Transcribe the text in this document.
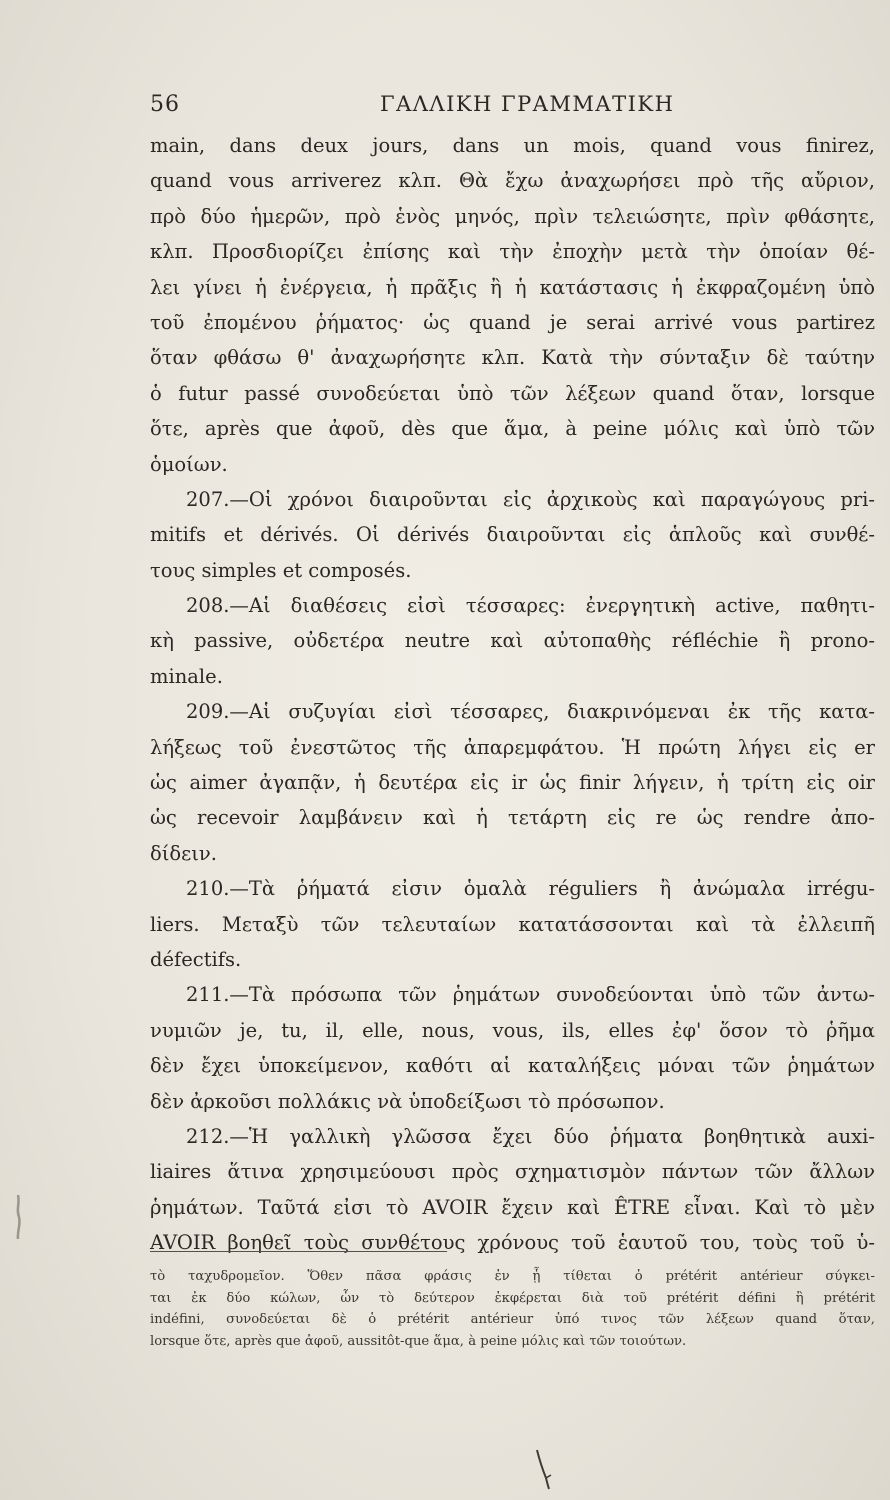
56	ΓΑΛΛΙΚΗ ΓΡΑΜΜΑΤΙΚΗ
main, dans deux jours, dans un mois, quand vous finirez,
quand vous arriverez κλπ. Θὰ ἔχω ἀναχωρήσει πρὸ τῆς αὔριον,
πρὸ δύο ἡμερῶν, πρὸ ἑνὸς μηνός, πρὶν τελειώσητε, πρὶν φθάσητε,
κλπ. Προσδιορίζει ἐπίσης καὶ τὴν ἐποχὴν μετὰ τὴν ὁποίαν θέ-
λει γίνει ἡ ἐνέργεια, ἡ πρᾶξις ἢ ἡ κατάστασις ἡ ἐκφραζομένη ὑπὸ
τοῦ ἐπομένου ῥήματος· ὡς quand je serai arrivé vous partirez
ὅταν φθάσω θ' ἀναχωρήσητε κλπ. Κατὰ τὴν σύνταξιν δὲ ταύτην
ὁ futur passé συνοδεύεται ὑπὸ τῶν λέξεων quand ὅταν, lorsque
ὅτε, après que ἀφοῦ, dès que ἅμα, à peine μόλις καὶ ὑπὸ τῶν
ὁμοίων.
207.—Οἱ χρόνοι διαιροῦνται εἰς ἀρχικοὺς καὶ παραγώγους pri-
mitifs et dérivés. Οἱ dérivés διαιροῦνται εἰς ἁπλοῦς καὶ συνθέ-
τους simples et composés.
208.—Αἱ διαθέσεις εἰσὶ τέσσαρες: ἐνεργητικὴ active, παθητι-
κὴ passive, οὐδετέρα neutre καὶ αὐτοπαθὴς réfléchie ἢ prono-
minale.
209.—Αἱ συζυγίαι εἰσὶ τέσσαρες, διακρινόμεναι ἐκ τῆς κατα-
λήξεως τοῦ ἐνεστῶτος τῆς ἀπαρεμφάτου. Ἡ πρώτη λήγει εἰς er
ὡς aimer ἀγαπᾷν, ἡ δευτέρα εἰς ir ὡς finir λήγειν, ἡ τρίτη εἰς oir
ὡς recevoir λαμβάνειν καὶ ἡ τετάρτη εἰς re ὡς rendre ἀπο-
δίδειν.
210.—Τὰ ῥήματά εἰσιν ὁμαλὰ réguliers ἢ ἀνώμαλα irrégu-
liers. Μεταξὺ τῶν τελευταίων κατατάσσονται καὶ τὰ ἐλλειπῆ
défectifs.
211.—Τὰ πρόσωπα τῶν ῥημάτων συνοδεύονται ὑπὸ τῶν ἀντω-
νυμιῶν je, tu, il, elle, nous, vous, ils, elles ἐφ' ὅσον τὸ ῥῆμα
δὲν ἔχει ὑποκείμενον, καθότι αἱ καταλήξεις μόναι τῶν ῥημάτων
δὲν ἀρκοῦσι πολλάκις νὰ ὑποδείξωσι τὸ πρόσωπον.
212.—Ἡ γαλλικὴ γλῶσσα ἔχει δύο ῥήματα βοηθητικὰ auxi-
liaires ἅτινα χρησιμεύουσι πρὸς σχηματισμὸν πάντων τῶν ἄλλων
ῥημάτων. Ταῦτά εἰσι τὸ AVOIR ἔχειν καὶ ÊTRE εἶναι. Καὶ τὸ μὲν
AVOIR βοηθεῖ τοὺς συνθέτους χρόνους τοῦ ἑαυτοῦ του, τοὺς τοῦ ὑ-
τὸ ταχυδρομεῖον. Ὅθεν πᾶσα φράσις ἐν ᾗ τίθεται ὁ prétérit antérieur σύγκει-
ται ἐκ δύο κώλων, ὧν τὸ δεύτερον ἐκφέρεται διὰ τοῦ prétérit défini ἢ prétérit
indéfini, συνοδεύεται δὲ ὁ prétérit antérieur ὑπό τινος τῶν λέξεων quand ὅταν,
lorsque ὅτε, après que ἀφοῦ, aussitôt-que ἅμα, à peine μόλις καὶ τῶν τοιούτων.
